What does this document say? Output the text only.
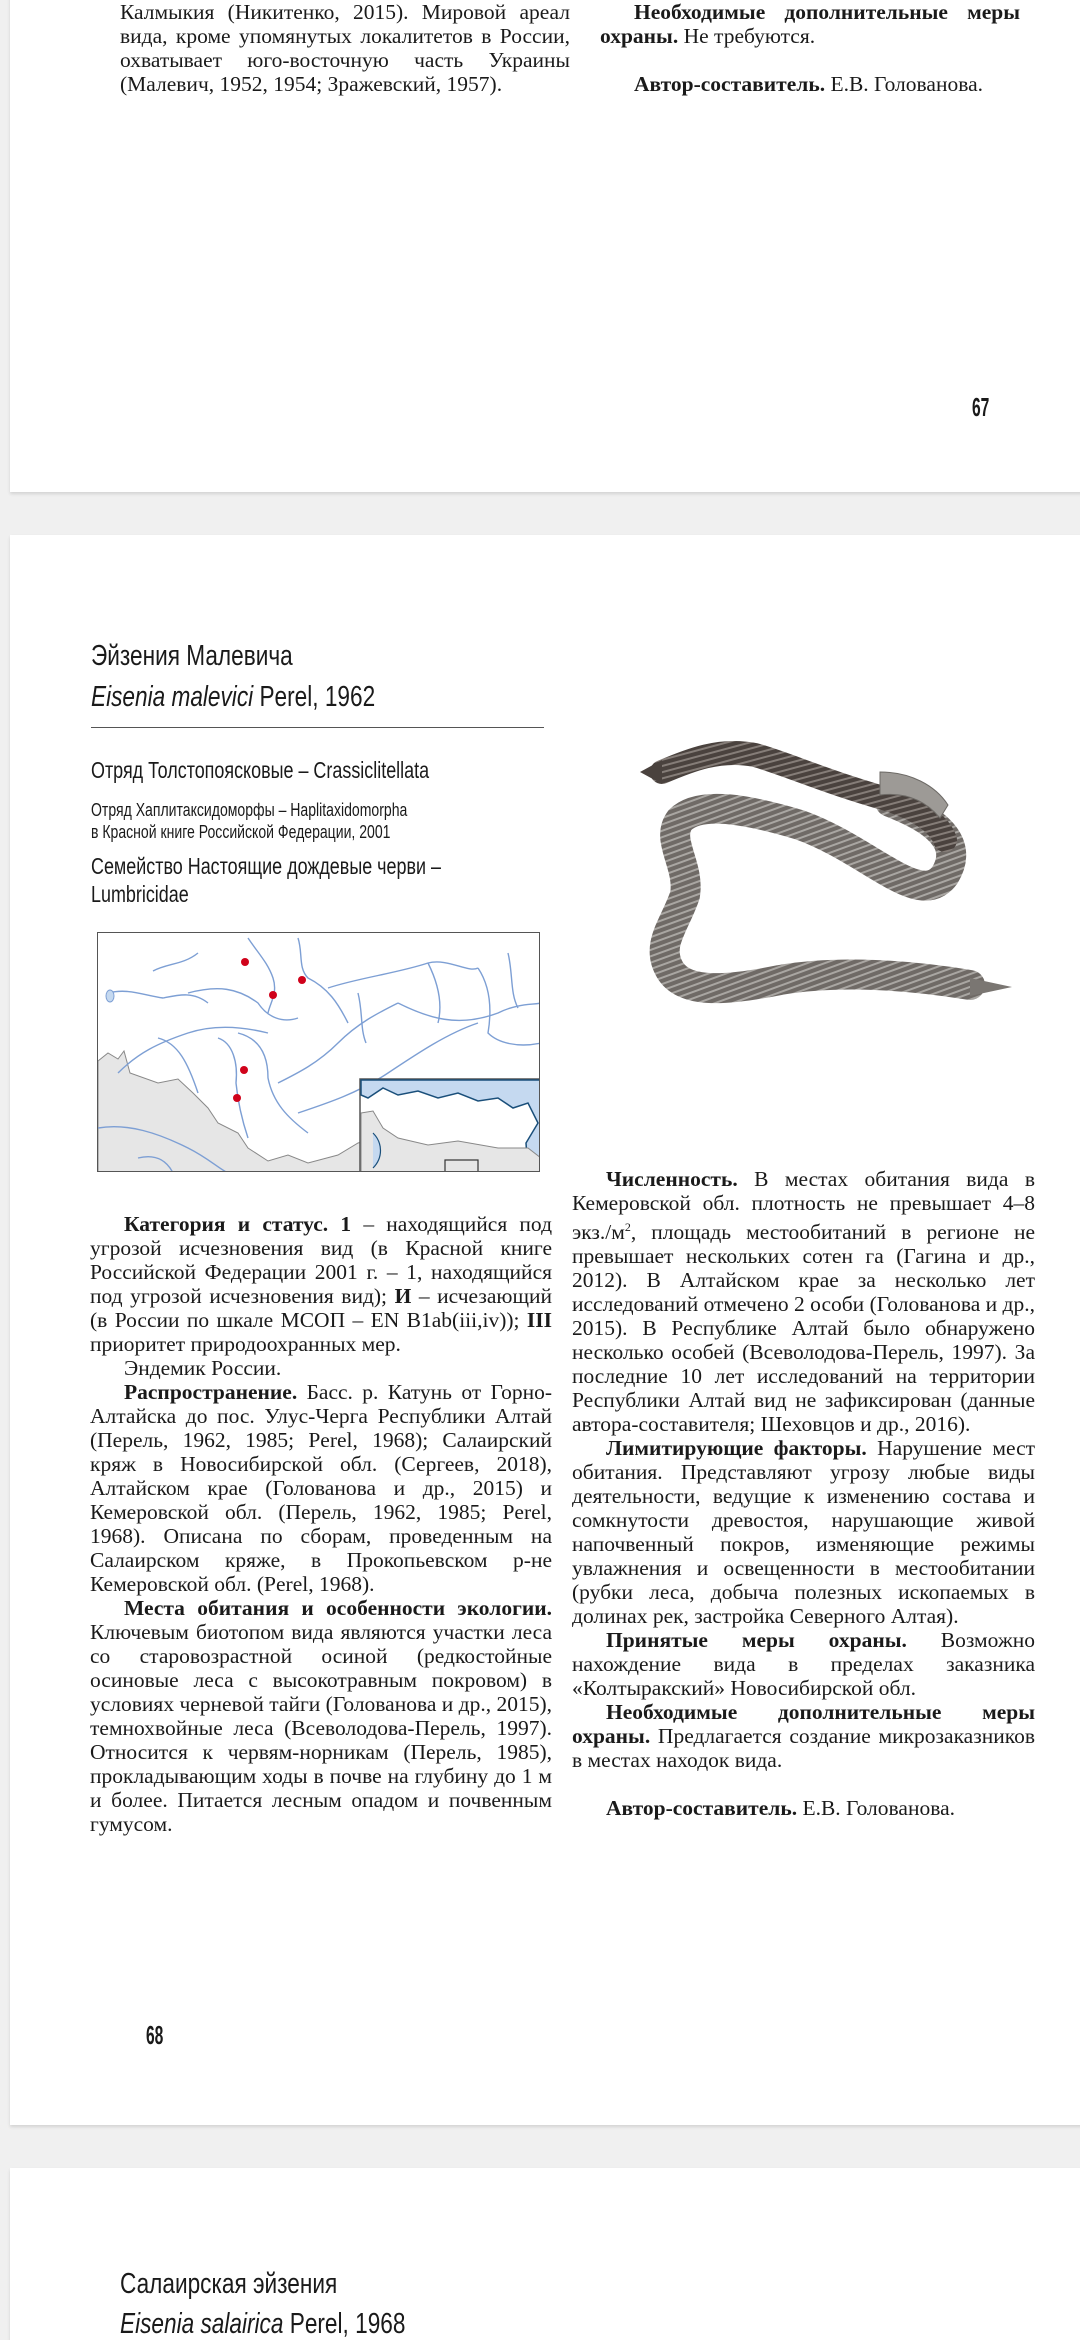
Калмыкия (Никитенко, 2015). Мировой ареал вида, кроме упомянутых локалитетов в России, охватывает юго-восточную часть Украины (Малевич, 1952, 1954; Зражевский, 1957).

Необходимые дополнительные меры охраны. Не требуются.

Автор-составитель. Е.В. Голованова.

67
Эйзения Малевича
Eisenia malevici Perel, 1962
Отряд Толстопоясковые – Crassiclitellata
Отряд Хаплитаксидоморфы – Haplitaxidomorpha
в Красной книге Российской Федерации, 2001
Семейство Настоящие дождевые черви –
Lumbricidae

Категория и статус. 1 – находящийся под угрозой исчезновения вид (в Красной книге Российской Федерации 2001 г. – 1, находящийся под угрозой исчезновения вид); И – исчезающий (в России по шкале МСОП – EN B1ab(iii,iv)); III приоритет природоохранных мер.

Эндемик России.

Распространение. Басс. р. Катунь от Горно-Алтайска до пос. Улус-Черга Республики Алтай (Перель, 1962, 1985; Perel, 1968); Салаирский кряж в Новосибирской обл. (Сергеев, 2018), Алтайском крае (Голованова и др., 2015) и Кемеровской обл. (Перель, 1962, 1985; Perel, 1968). Описана по сборам, проведенным на Салаирском кряже, в Прокопьевском р-не Кемеровской обл. (Perel, 1968).

Места обитания и особенности экологии. Ключевым биотопом вида являются участки леса со старовозрастной осиной (редкостойные осиновые леса с высокотравным покровом) в условиях черневой тайги (Голованова и др., 2015), темнохвойные леса (Всеволодова-Перель, 1997). Относится к червям-норникам (Перель, 1985), прокладывающим ходы в почве на глубину до 1 м и более. Питается лесным опадом и почвенным гумусом.

Численность. В местах обитания вида в Кемеровской обл. плотность не превышает 4–8 $экз./м^2$, площадь местообитаний в регионе не превышает нескольких сотен га (Гагина и др., 2012). В Алтайском крае за несколько лет исследований отмечено 2 особи (Голованова и др., 2015). В Республике Алтай было обнаружено несколько особей (Всеволодова-Перель, 1997). За последние 10 лет исследований на территории Республики Алтай вид не зафиксирован (данные автора-составителя; Шеховцов и др., 2016).

Лимитирующие факторы. Нарушение мест обитания. Представляют угрозу любые виды деятельности, ведущие к изменению состава и сомкнутости древостоя, нарушающие живой напочвенный покров, изменяющие режимы увлажнения и освещенности в местообитании (рубки леса, добыча полезных ископаемых в долинах рек, застройка Северного Алтая).

Принятые меры охраны. Возможно нахождение вида в пределах заказника «Колтыракский» Новосибирской обл.

Необходимые дополнительные меры охраны. Предлагается создание микрозаказников в местах находок вида.

Автор-составитель. Е.В. Голованова.

68
Салаирская эйзения
Eisenia salairica Perel, 1968
